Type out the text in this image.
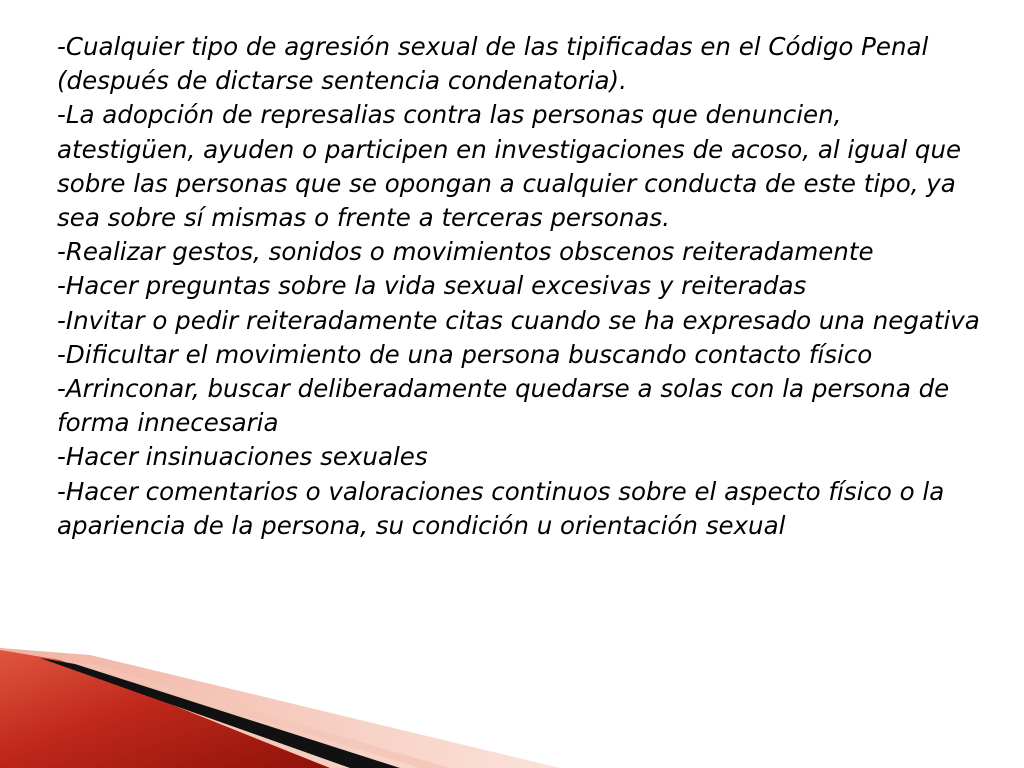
-Cualquier tipo de agresión sexual de las tipificadas en el Código Penal (después de dictarse sentencia condenatoria).

-La adopción de represalias contra las personas que denuncien, atestigüen, ayuden o participen en investigaciones de acoso, al igual que sobre las personas que se opongan a cualquier conducta de este tipo, ya sea sobre sí mismas o frente a terceras personas.

-Realizar gestos, sonidos o movimientos obscenos reiteradamente

-Hacer preguntas sobre la vida sexual excesivas y reiteradas

-Invitar o pedir reiteradamente citas cuando se ha expresado una negativa

-Dificultar el movimiento de una persona buscando contacto físico

-Arrinconar, buscar deliberadamente quedarse a solas con la persona de forma innecesaria

-Hacer insinuaciones sexuales

-Hacer comentarios o valoraciones continuos sobre el aspecto físico o la apariencia de la persona, su condición u orientación sexual
